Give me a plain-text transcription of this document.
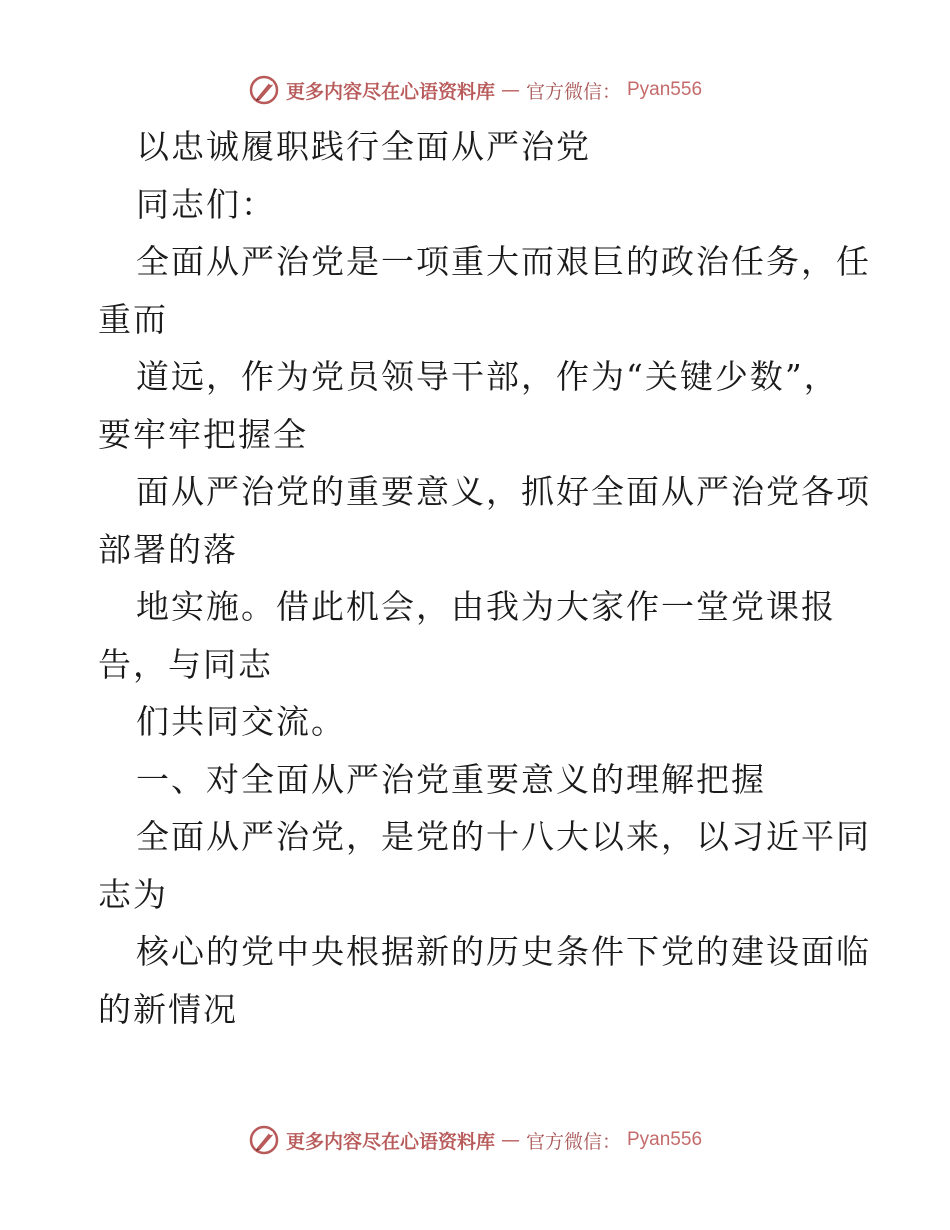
更多内容尽在心语资料库 — 官方微信： Pyan556
以忠诚履职践行全面从严治党
同志们：
全面从严治党是一项重大而艰巨的政治任务，任
重而
道远，作为党员领导干部，作为“关键少数”，
要牢牢把握全
面从严治党的重要意义，抓好全面从严治党各项
部署的落
地实施。借此机会，由我为大家作一堂党课报
告，与同志
们共同交流。
一、对全面从严治党重要意义的理解把握
全面从严治党，是党的十八大以来，以习近平同
志为
核心的党中央根据新的历史条件下党的建设面临
的新情况
更多内容尽在心语资料库 — 官方微信： Pyan556
